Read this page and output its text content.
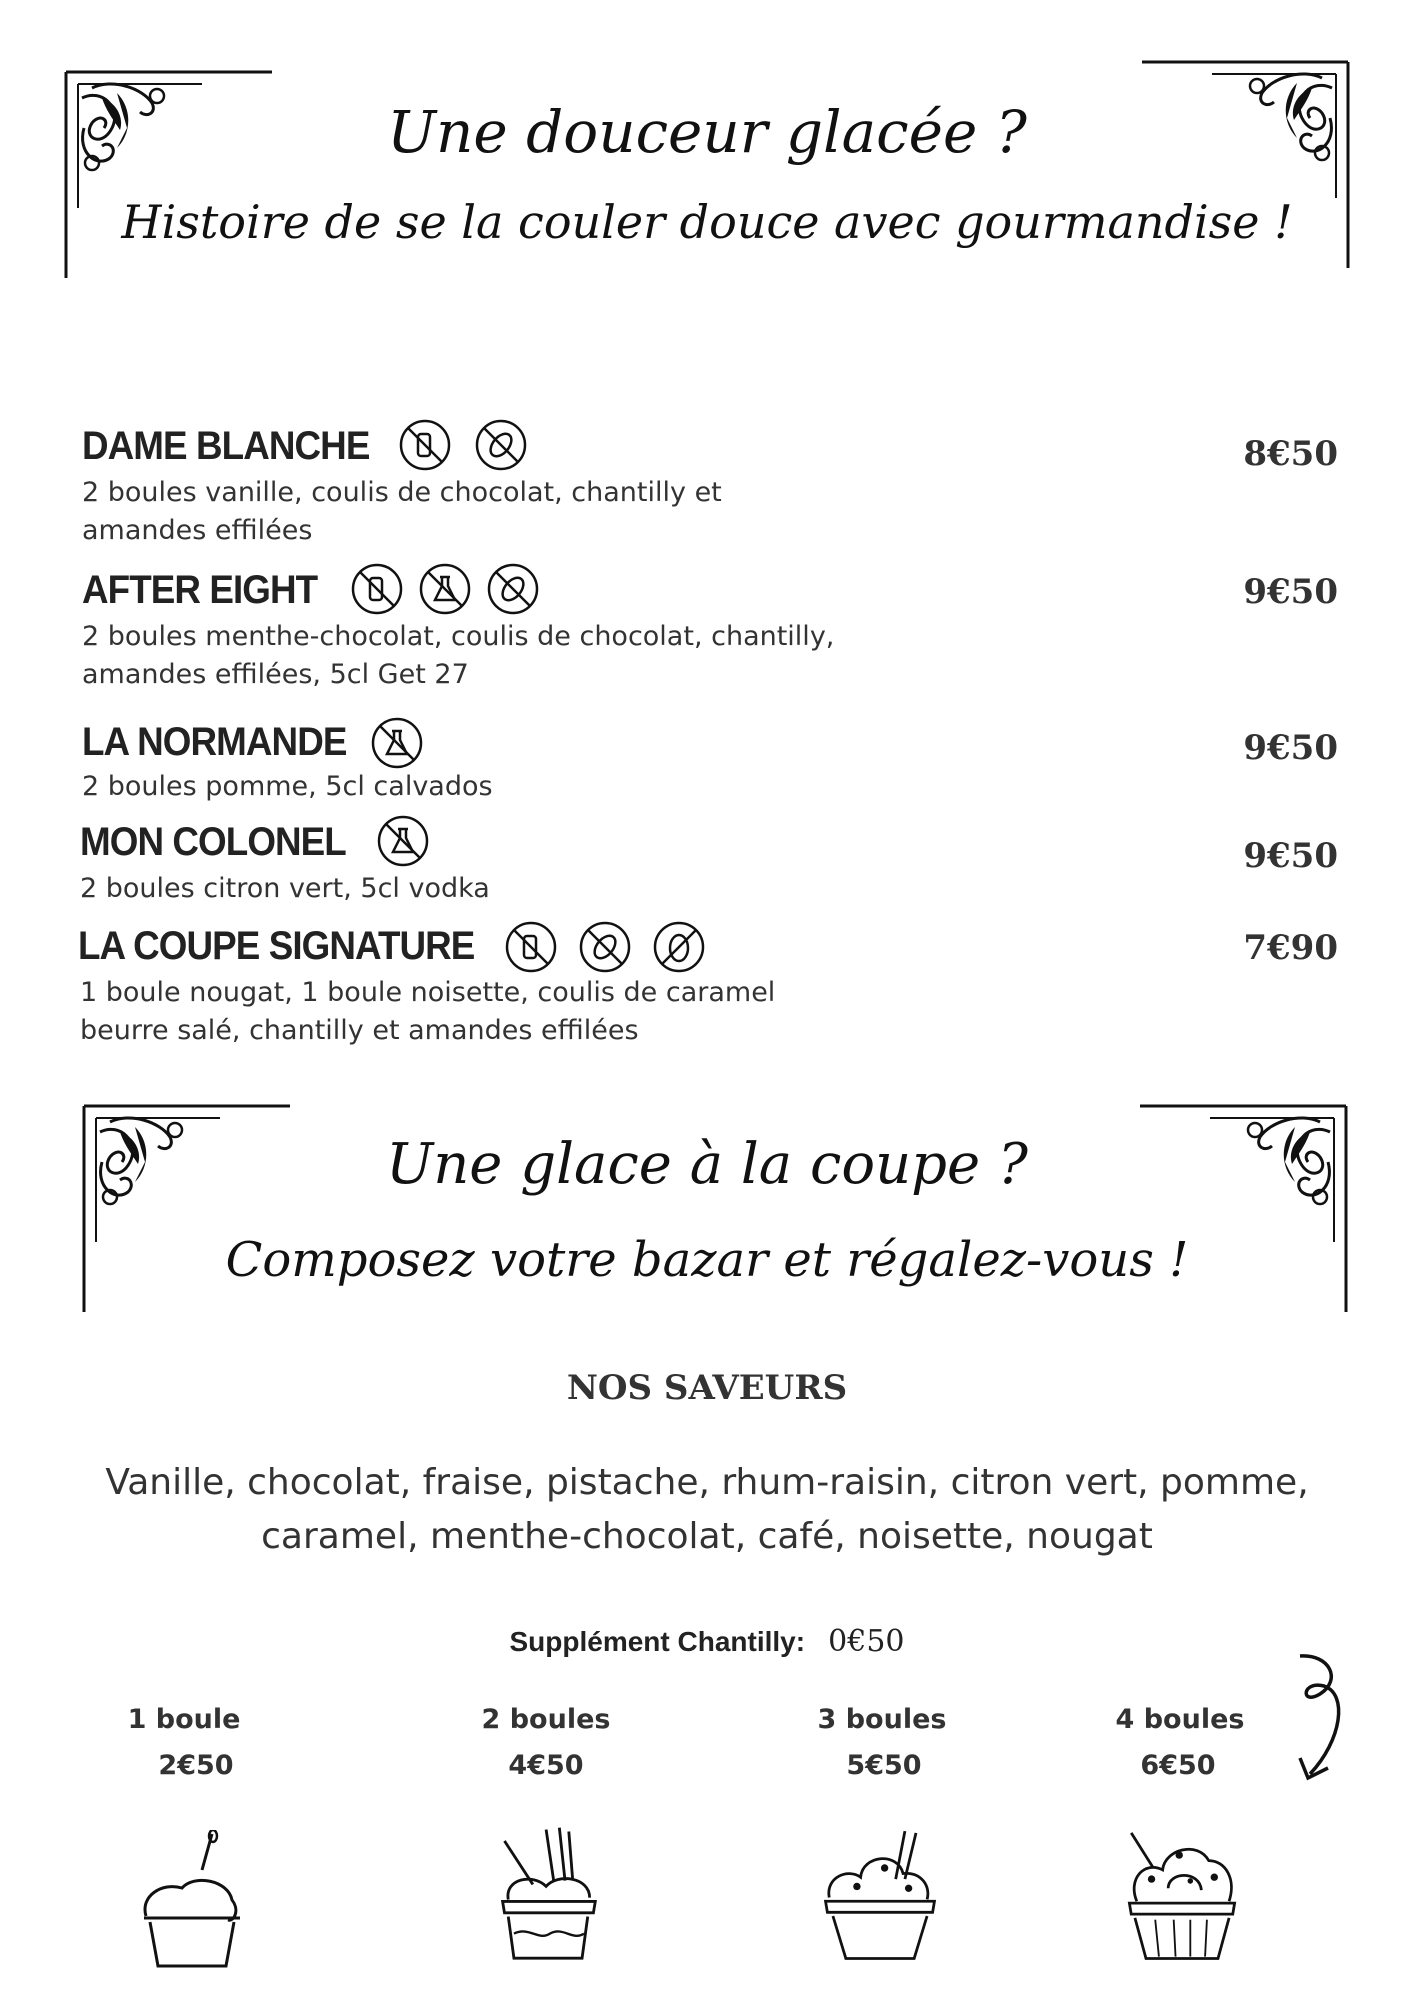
Une douceur glacée ?
Histoire de se la couler douce avec gourmandise !
DAME BLANCHE
2 boules vanille, coulis de chocolat, chantilly et amandes effilées
8€50
AFTER EIGHT
2 boules menthe-chocolat, coulis de chocolat, chantilly, amandes effilées, 5cl Get 27
9€50
LA NORMANDE
2 boules pomme, 5cl calvados
9€50
MON COLONEL
2 boules citron vert, 5cl vodka
9€50
LA COUPE SIGNATURE
1 boule nougat, 1 boule noisette, coulis de caramel beurre salé, chantilly et amandes effilées
7€90
Une glace à la coupe ?
Composez votre bazar et régalez-vous !
NOS SAVEURS
Vanille, chocolat, fraise, pistache, rhum-raisin, citron vert, pomme, caramel, menthe-chocolat, café, noisette, nougat
Supplément Chantilly: 0€50
1 boule
2€50
2 boules
4€50
3 boules
5€50
4 boules
6€50
